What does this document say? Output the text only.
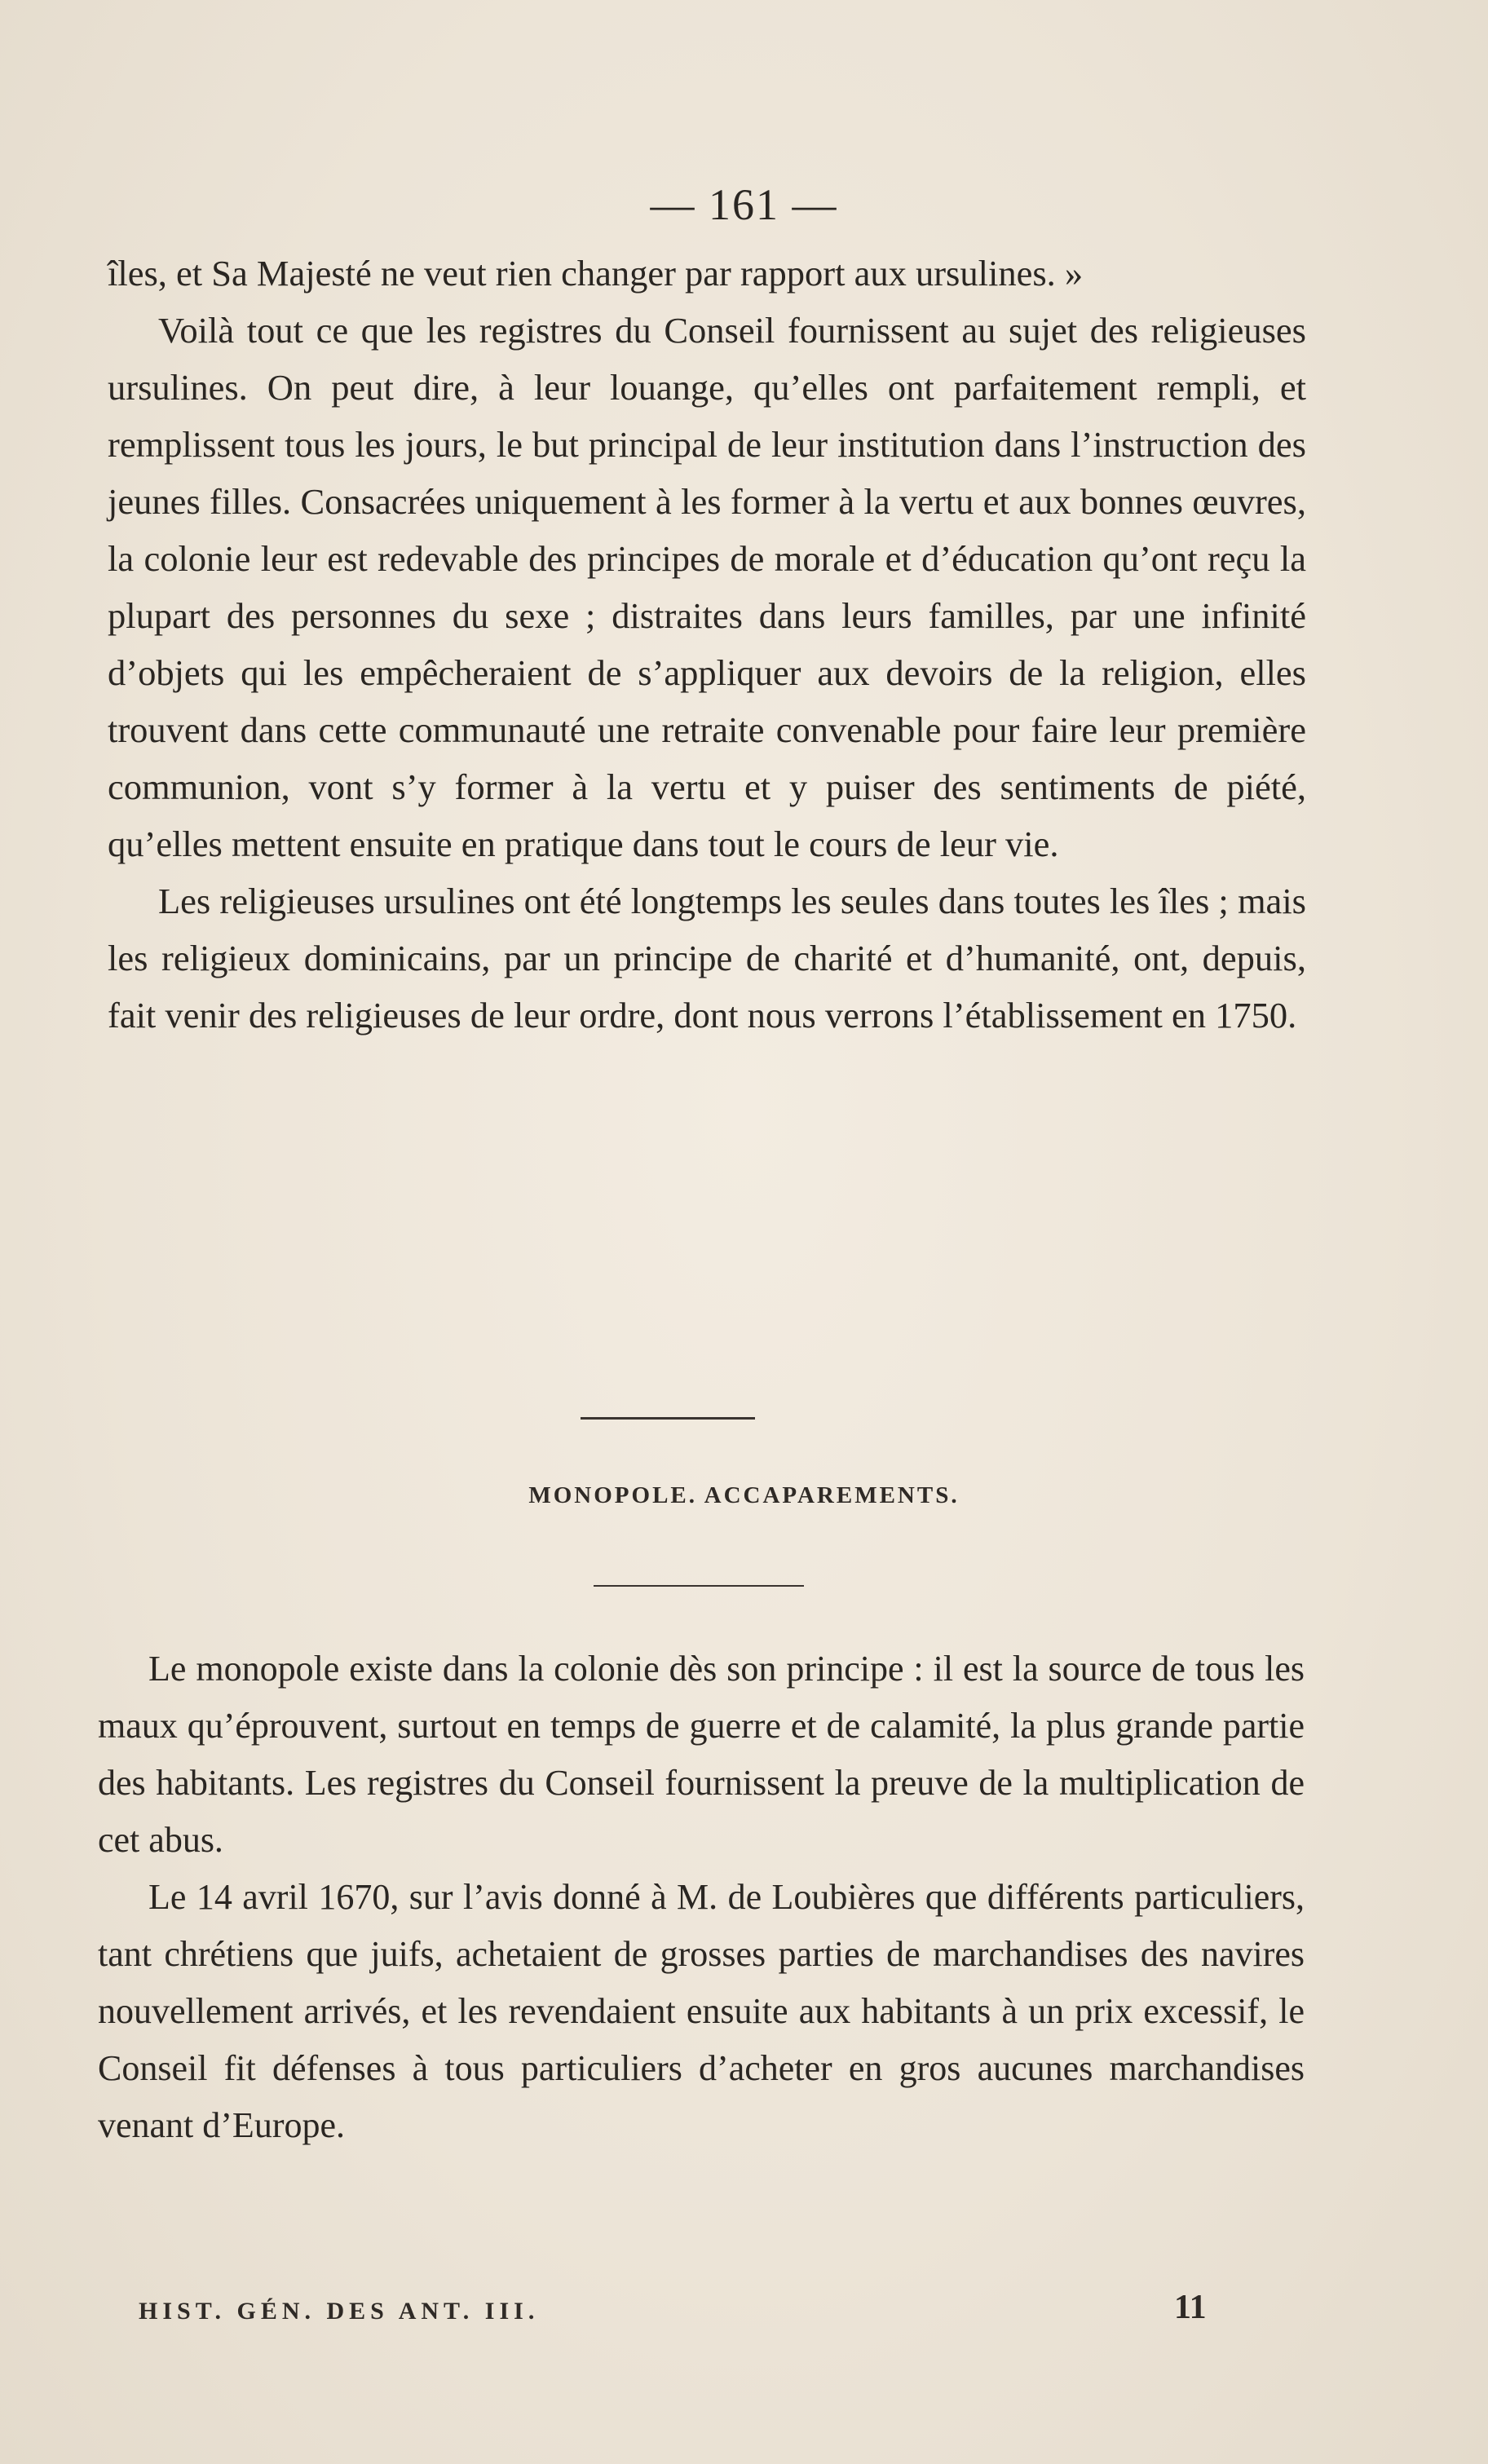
— 161 —

îles, et Sa Majesté ne veut rien changer par rapport aux ursulines. »

Voilà tout ce que les registres du Conseil fournissent au sujet des religieuses ursulines. On peut dire, à leur louange, qu’elles ont parfaitement rempli, et remplissent tous les jours, le but principal de leur institution dans l’instruction des jeunes filles. Consacrées uniquement à les former à la vertu et aux bonnes œuvres, la colonie leur est redevable des principes de morale et d’éducation qu’ont reçu la plupart des personnes du sexe ; distraites dans leurs familles, par une infinité d’objets qui les empêcheraient de s’appliquer aux devoirs de la religion, elles trouvent dans cette communauté une retraite convenable pour faire leur première communion, vont s’y former à la vertu et y puiser des sentiments de piété, qu’elles mettent ensuite en pratique dans tout le cours de leur vie.

Les religieuses ursulines ont été longtemps les seules dans toutes les îles ; mais les religieux dominicains, par un principe de charité et d’humanité, ont, depuis, fait venir des religieuses de leur ordre, dont nous verrons l’établissement en 1750.

MONOPOLE. ACCAPAREMENTS.

Le monopole existe dans la colonie dès son principe : il est la source de tous les maux qu’éprouvent, surtout en temps de guerre et de calamité, la plus grande partie des habitants. Les registres du Conseil fournissent la preuve de la multiplication de cet abus.

Le 14 avril 1670, sur l’avis donné à M. de Loubières que différents particuliers, tant chrétiens que juifs, achetaient de grosses parties de marchandises des navires nouvellement arrivés, et les revendaient ensuite aux habitants à un prix excessif, le Conseil fit défenses à tous particuliers d’acheter en gros aucunes marchandises venant d’Europe.

HIST. GÉN. DES ANT. III.	11
